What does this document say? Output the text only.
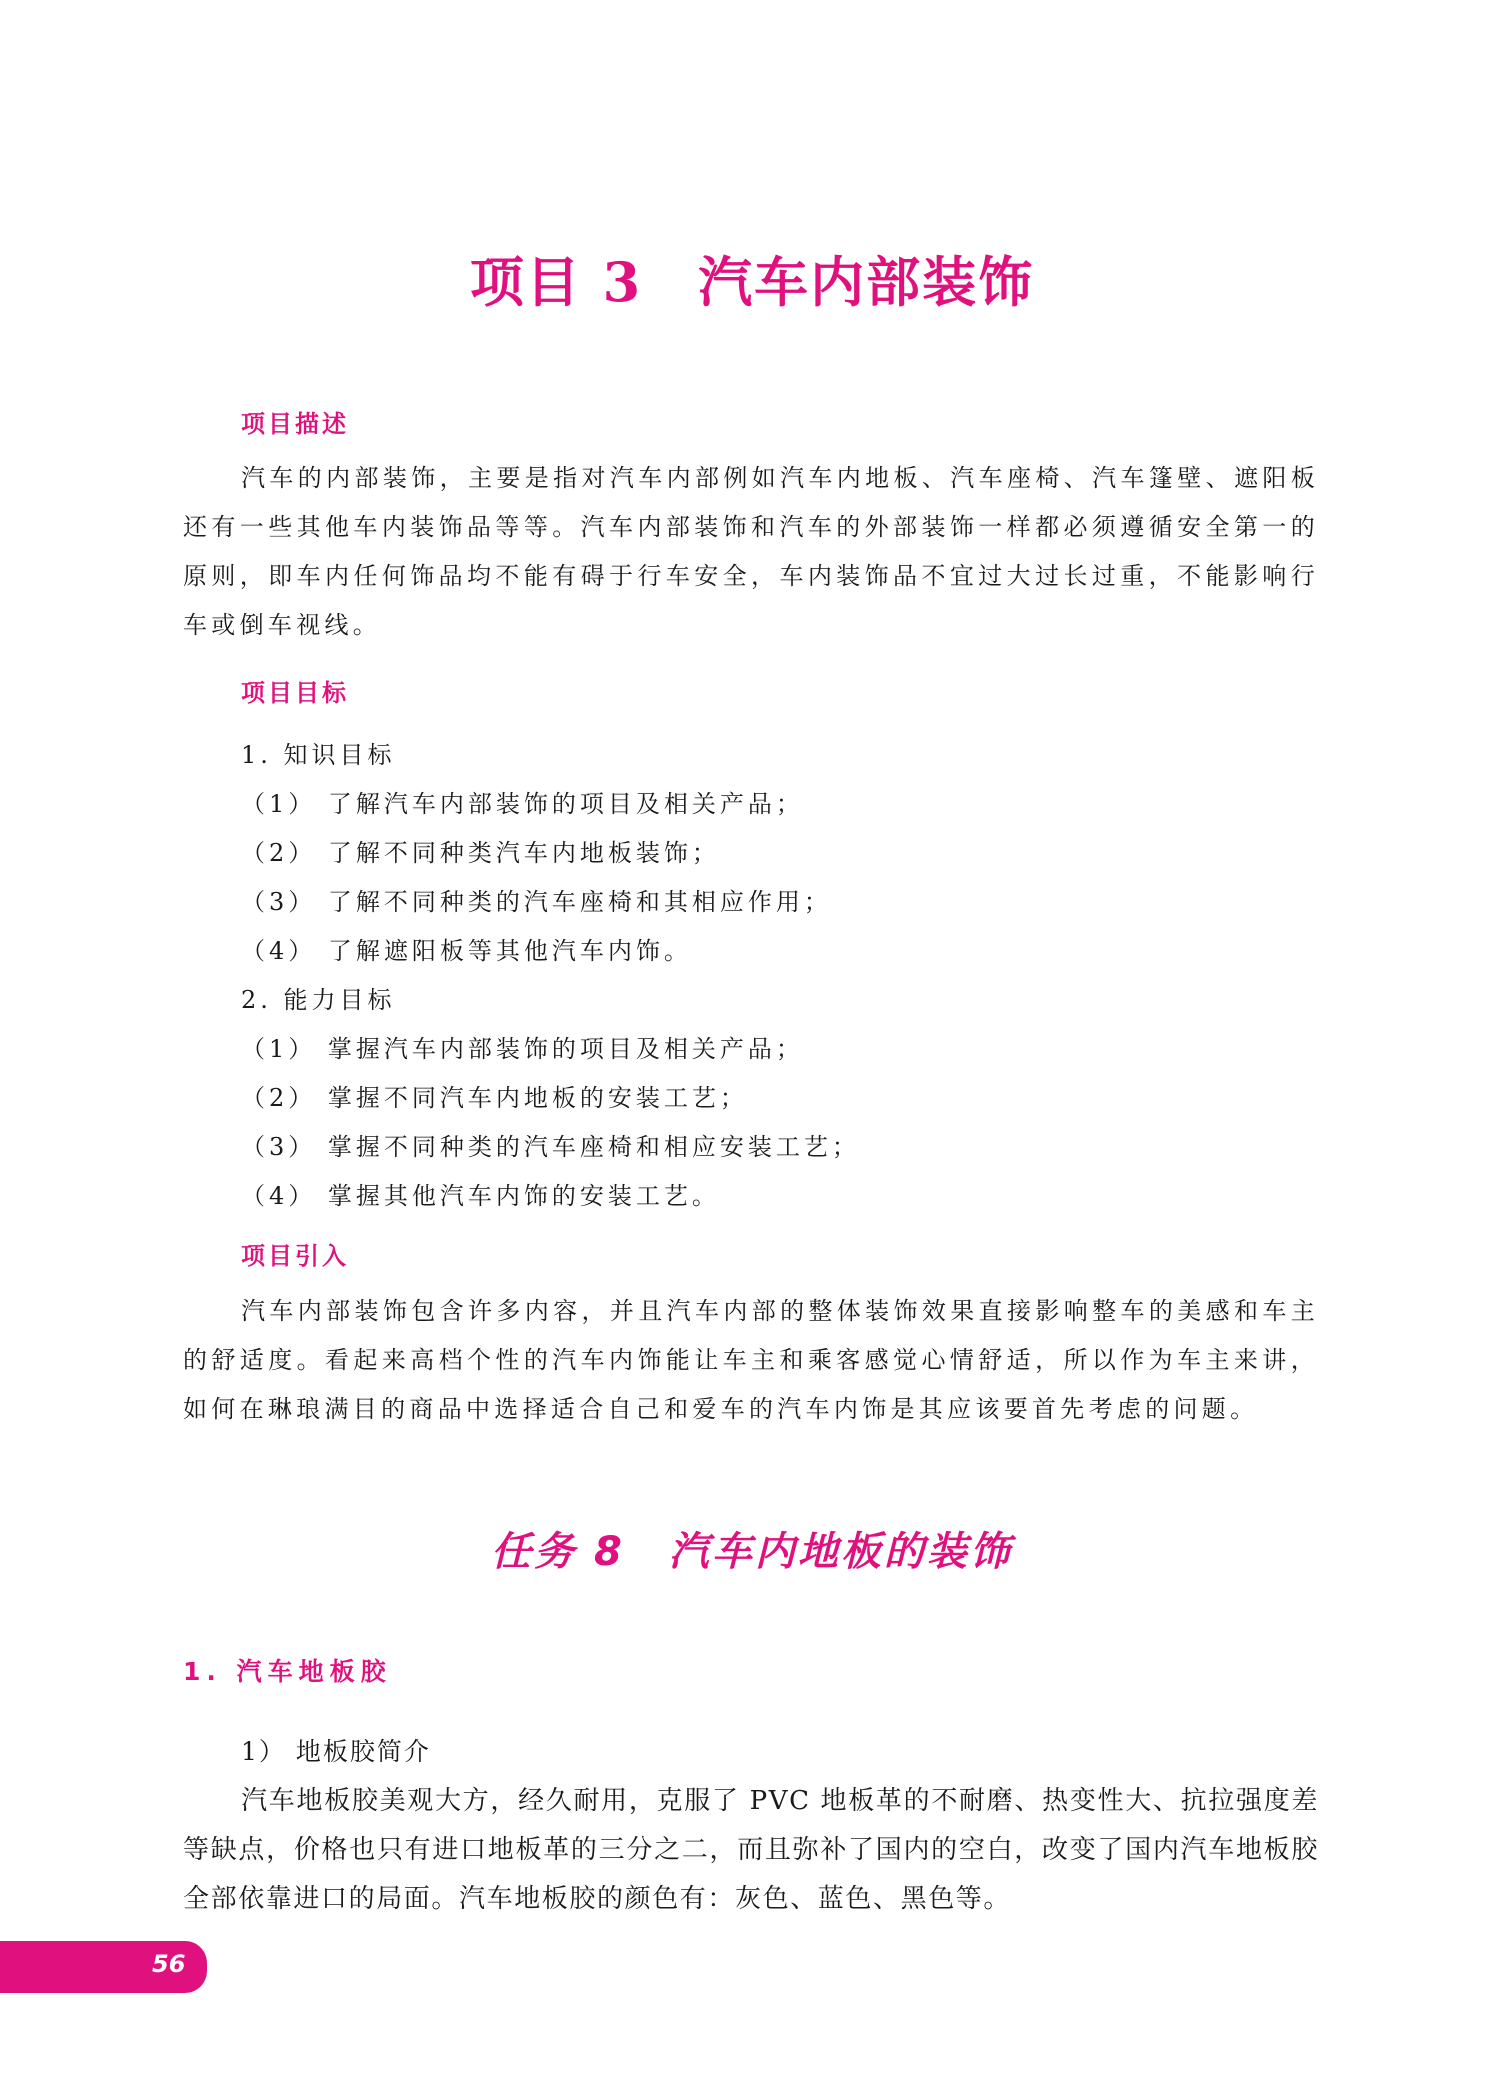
项目 3 汽车内部装饰
项目描述

汽车的内部装饰，主要是指对汽车内部例如汽车内地板、汽车座椅、汽车篷壁、遮阳板还有一些其他车内装饰品等等。汽车内部装饰和汽车的外部装饰一样都必须遵循安全第一的原则，即车内任何饰品均不能有碍于行车安全，车内装饰品不宜过大过长过重，不能影响行车或倒车视线。

项目目标
1. 知识目标
（1） 了解汽车内部装饰的项目及相关产品；
（2） 了解不同种类汽车内地板装饰；
（3） 了解不同种类的汽车座椅和其相应作用；
（4） 了解遮阳板等其他汽车内饰。
2. 能力目标
（1） 掌握汽车内部装饰的项目及相关产品；
（2） 掌握不同汽车内地板的安装工艺；
（3） 掌握不同种类的汽车座椅和相应安装工艺；
（4） 掌握其他汽车内饰的安装工艺。
项目引入

汽车内部装饰包含许多内容，并且汽车内部的整体装饰效果直接影响整车的美感和车主的舒适度。看起来高档个性的汽车内饰能让车主和乘客感觉心情舒适，所以作为车主来讲，如何在琳琅满目的商品中选择适合自己和爱车的汽车内饰是其应该要首先考虑的问题。

任务 8 汽车内地板的装饰
1. 汽车地板胶
1） 地板胶简介

汽车地板胶美观大方，经久耐用，克服了 PVC 地板革的不耐磨、热变性大、抗拉强度差等缺点，价格也只有进口地板革的三分之二，而且弥补了国内的空白，改变了国内汽车地板胶全部依靠进口的局面。汽车地板胶的颜色有：灰色、蓝色、黑色等。

56
